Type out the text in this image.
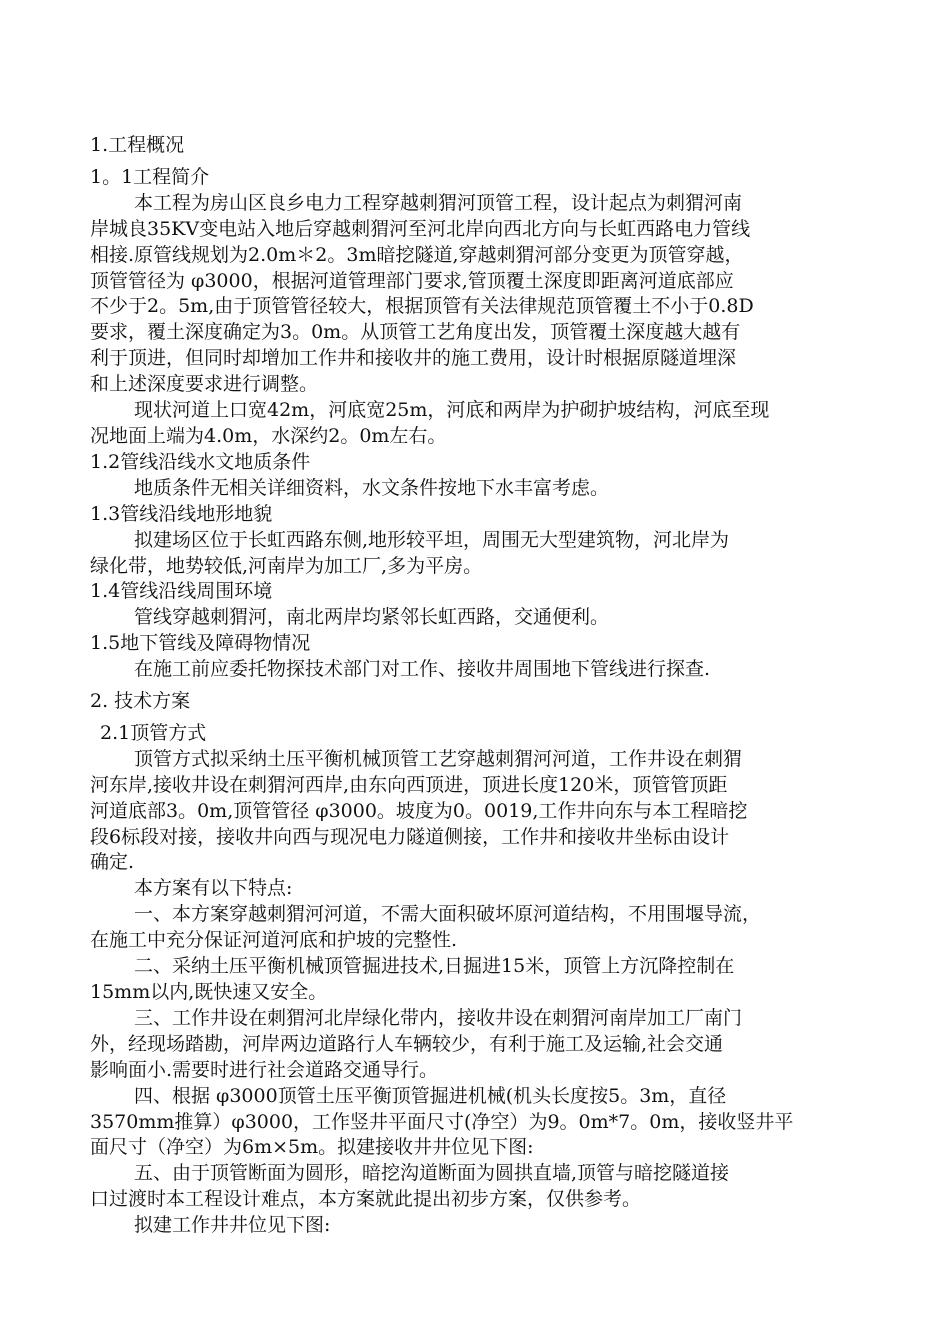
1.工程概况

1。1工程简介

本工程为房山区良乡电力工程穿越刺猬河顶管工程，设计起点为刺猬河南

岸城良35KV变电站入地后穿越刺猬河至河北岸向西北方向与长虹西路电力管线

相接.原管线规划为2.0m＊2。3m暗挖隧道,穿越刺猬河部分变更为顶管穿越，

顶管管径为 φ3000，根据河道管理部门要求,管顶覆土深度即距离河道底部应

不少于2。5m,由于顶管管径较大，根据顶管有关法律规范顶管覆土不小于0.8D

要求，覆土深度确定为3。0m。从顶管工艺角度出发，顶管覆土深度越大越有

利于顶进，但同时却增加工作井和接收井的施工费用，设计时根据原隧道埋深

和上述深度要求进行调整。

现状河道上口宽42m，河底宽25m，河底和两岸为护砌护坡结构，河底至现

况地面上端为4.0m，水深约2。0m左右。

1.2管线沿线水文地质条件

地质条件无相关详细资料，水文条件按地下水丰富考虑。

1.3管线沿线地形地貌

拟建场区位于长虹西路东侧,地形较平坦，周围无大型建筑物，河北岸为

绿化带，地势较低,河南岸为加工厂,多为平房。

1.4管线沿线周围环境

管线穿越刺猬河，南北两岸均紧邻长虹西路，交通便利。

1.5地下管线及障碍物情况

在施工前应委托物探技术部门对工作、接收井周围地下管线进行探查.

2. 技术方案

2.1顶管方式

顶管方式拟采纳土压平衡机械顶管工艺穿越刺猬河河道，工作井设在刺猬

河东岸,接收井设在刺猬河西岸,由东向西顶进，顶进长度120米，顶管管顶距

河道底部3。0m,顶管管径 φ3000。坡度为0。0019,工作井向东与本工程暗挖

段6标段对接，接收井向西与现况电力隧道侧接，工作井和接收井坐标由设计

确定.

本方案有以下特点:

一、本方案穿越刺猬河河道，不需大面积破坏原河道结构，不用围堰导流，

在施工中充分保证河道河底和护坡的完整性.

二、采纳土压平衡机械顶管掘进技术,日掘进15米，顶管上方沉降控制在

15mm以内,既快速又安全。

三、工作井设在刺猬河北岸绿化带内，接收井设在刺猬河南岸加工厂南门

外，经现场踏勘，河岸两边道路行人车辆较少，有利于施工及运输,社会交通

影响面小.需要时进行社会道路交通导行。

四、根据 φ3000顶管土压平衡顶管掘进机械(机头长度按5。3m，直径

3570mm推算）φ3000，工作竖井平面尺寸(净空）为9。0m*7。0m，接收竖井平

面尺寸（净空）为6m×5m。拟建接收井井位见下图:

五、由于顶管断面为圆形，暗挖沟道断面为圆拱直墙,顶管与暗挖隧道接

口过渡时本工程设计难点，本方案就此提出初步方案，仅供参考。

拟建工作井井位见下图:
